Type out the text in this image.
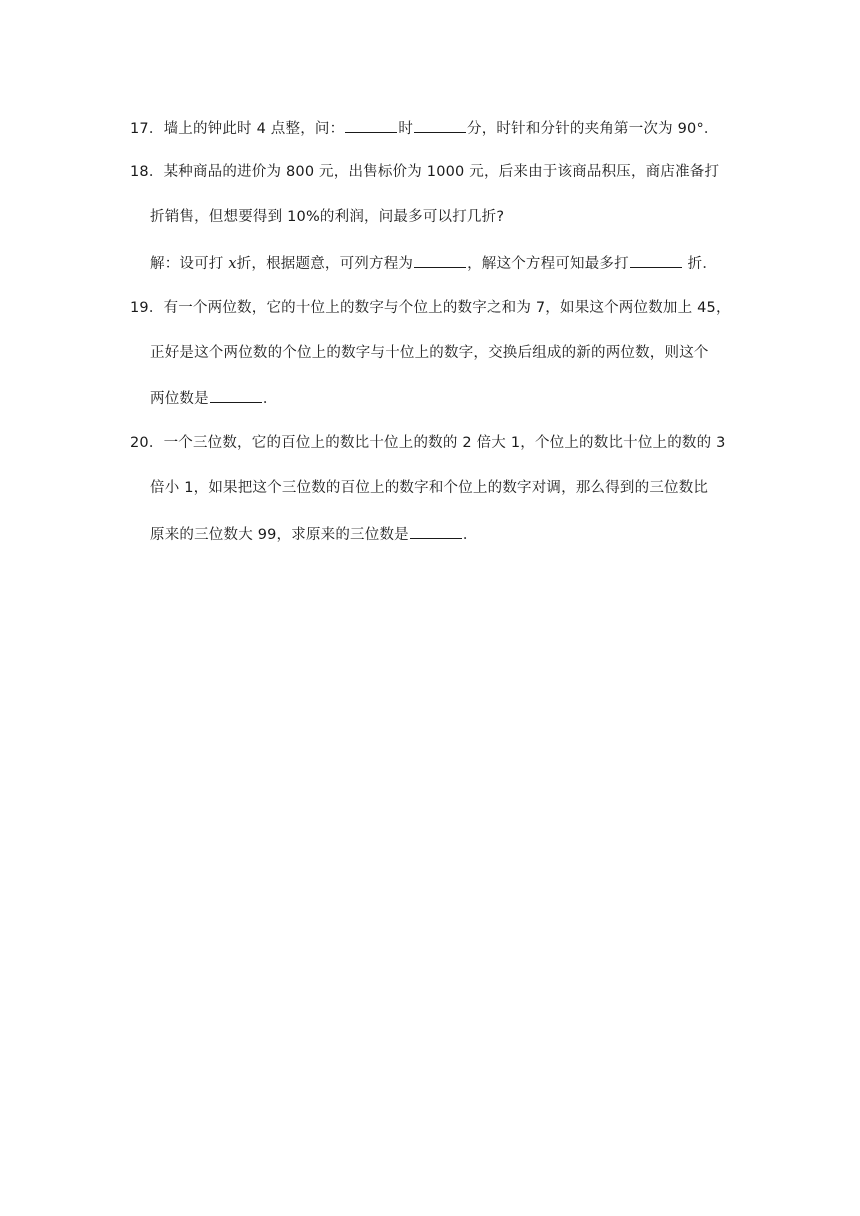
17．墙上的钟此时 4 点整，问：	时	分，时针和分针的夹角第一次为 90°．
18．某种商品的进价为 800 元，出售标价为 1000 元，后来由于该商品积压，商店准备打
折销售，但想要得到 10%的利润，问最多可以打几折?
解：设可打 x折，根据题意，可列方程为	，解这个方程可知最多打	折．
19．有一个两位数，它的十位上的数字与个位上的数字之和为 7，如果这个两位数加上 45，
正好是这个两位数的个位上的数字与十位上的数字，交换后组成的新的两位数，则这个
两位数是	．
20．一个三位数，它的百位上的数比十位上的数的 2 倍大 1，个位上的数比十位上的数的 3
倍小 1，如果把这个三位数的百位上的数字和个位上的数字对调，那么得到的三位数比
原来的三位数大 99，求原来的三位数是	．
